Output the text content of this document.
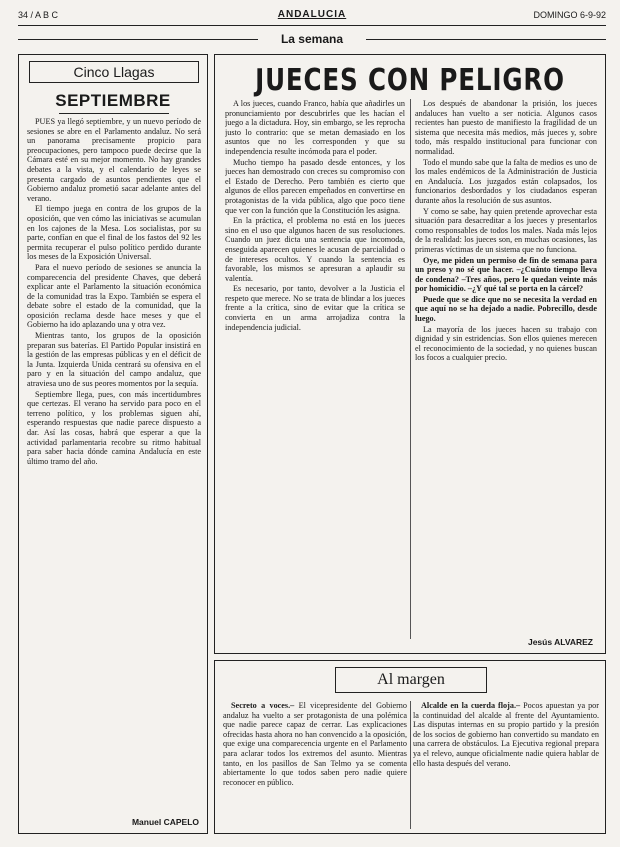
34 / A B C	ANDALUCIA	DOMINGO 6-9-92
La semana
Cinco Llagas
SEPTIEMBRE

PUES ya llegó septiembre, y un nuevo período de sesiones se abre en el Parlamento andaluz. No será un panorama precisamente propicio para preocupaciones, pero tampoco puede decirse que la Cámara esté en su mejor momento. No hay grandes debates a la vista, y el calendario de leyes se presenta cargado de asuntos pendientes que el Gobierno andaluz prometió sacar adelante antes del verano.

El tiempo juega en contra de los grupos de la oposición, que ven cómo las iniciativas se acumulan en los cajones de la Mesa. Los socialistas, por su parte, confían en que el final de los fastos del 92 les permita recuperar el pulso político perdido durante los meses de la Exposición Universal.

Para el nuevo período de sesiones se anuncia la comparecencia del presidente Chaves, que deberá explicar ante el Parlamento la situación económica de la comunidad tras la Expo. También se espera el debate sobre el estado de la comunidad, que la oposición reclama desde hace meses y que el Gobierno ha ido aplazando una y otra vez.

Mientras tanto, los grupos de la oposición preparan sus baterías. El Partido Popular insistirá en la gestión de las empresas públicas y en el déficit de la Junta. Izquierda Unida centrará su ofensiva en el paro y en la situación del campo andaluz, que atraviesa uno de sus peores momentos por la sequía.

Septiembre llega, pues, con más incertidumbres que certezas. El verano ha servido para poco en el terreno político, y los problemas siguen ahí, esperando respuestas que nadie parece dispuesto a dar. Así las cosas, habrá que esperar a que la actividad parlamentaria recobre su ritmo habitual para saber hacia dónde camina Andalucía en este último tramo del año.

Manuel CAPELO
JUECES CON PELIGRO

A los jueces, cuando Franco, había que añadirles un pronunciamiento por descubrirles que les hacían el juego a la dictadura. Hoy, sin embargo, se les reprocha justo lo contrario: que se metan demasiado en los asuntos que no les corresponden y que su independencia resulte incómoda para el poder.

Mucho tiempo ha pasado desde entonces, y los jueces han demostrado con creces su compromiso con el Estado de Derecho. Pero también es cierto que algunos de ellos parecen empeñados en convertirse en protagonistas de la vida pública, algo que poco tiene que ver con la función que la Constitución les asigna.

En la práctica, el problema no está en los jueces sino en el uso que algunos hacen de sus resoluciones. Cuando un juez dicta una sentencia que incomoda, enseguida aparecen quienes le acusan de parcialidad o de intereses ocultos. Y cuando la sentencia es favorable, los mismos se apresuran a aplaudir su valentía.

Es necesario, por tanto, devolver a la Justicia el respeto que merece. No se trata de blindar a los jueces frente a la crítica, sino de evitar que la crítica se convierta en un arma arrojadiza contra la independencia judicial.

Los después de abandonar la prisión, los jueces andaluces han vuelto a ser noticia. Algunos casos recientes han puesto de manifiesto la fragilidad de un sistema que necesita más medios, más jueces y, sobre todo, más respaldo institucional para funcionar con normalidad.

Todo el mundo sabe que la falta de medios es uno de los males endémicos de la Administración de Justicia en Andalucía. Los juzgados están colapsados, los funcionarios desbordados y los ciudadanos esperan durante años la resolución de sus asuntos.

Y como se sabe, hay quien pretende aprovechar esta situación para desacreditar a los jueces y presentarlos como responsables de todos los males. Nada más lejos de la realidad: los jueces son, en muchas ocasiones, las primeras víctimas de un sistema que no funciona.

Oye, me piden un permiso de fin de semana para un preso y no sé que hacer. –¿Cuánto tiempo lleva de condena? –Tres años, pero le quedan veinte más por homicidio. –¿Y qué tal se porta en la cárcel?

Puede que se dice que no se necesita la verdad en que aquí no se ha dejado a nadie. Pobrecillo, desde luego.

La mayoría de los jueces hacen su trabajo con dignidad y sin estridencias. Son ellos quienes merecen el reconocimiento de la sociedad, y no quienes buscan los focos a cualquier precio.

Jesús ALVAREZ
Al margen

Secreto a voces.– El vicepresidente del Gobierno andaluz ha vuelto a ser protagonista de una polémica que nadie parece capaz de cerrar. Las explicaciones ofrecidas hasta ahora no han convencido a la oposición, que exige una comparecencia urgente en el Parlamento para aclarar todos los extremos del asunto. Mientras tanto, en los pasillos de San Telmo ya se comenta abiertamente lo que todos saben pero nadie quiere reconocer en público.

Alcalde en la cuerda floja.– Pocos apuestan ya por la continuidad del alcalde al frente del Ayuntamiento. Las disputas internas en su propio partido y la presión de los socios de gobierno han convertido su mandato en una carrera de obstáculos. La Ejecutiva regional prepara ya el relevo, aunque oficialmente nadie quiera hablar de ello hasta después del verano.
